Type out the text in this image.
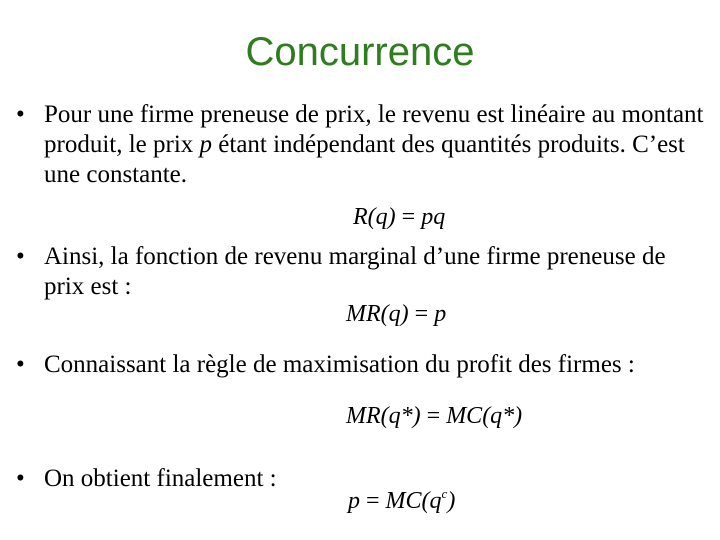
Concurrence
• Pour une firme preneuse de prix, le revenu est linéaire au montant produit, le prix p étant indépendant des quantités produits. C’est une constante.
R(q) = pq
• Ainsi, la fonction de revenu marginal d’une firme preneuse de prix est :
MR(q) = p
• Connaissant la règle de maximisation du profit des firmes :
MR(q*) = MC(q*)
• On obtient finalement :
$p = MC(q^c)$
